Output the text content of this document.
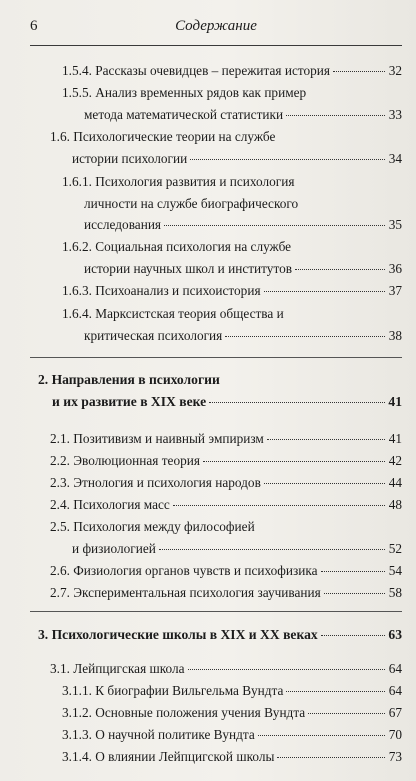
6	Содержание
1.5.4. Рассказы очевидцев – пережитая история	32
1.5.5. Анализ временных рядов как пример
метода математической статистики	33
1.6. Психологические теории на службе
истории психологии	34
1.6.1. Психология развития и психология
личности на службе биографического
исследования	35
1.6.2. Социальная психология на службе
истории научных школ и институтов	36
1.6.3. Психоанализ и психоистория	37
1.6.4. Марксистская теория общества и
критическая психология	38
2. Направления в психологии
и их развитие в XIX веке	41
2.1. Позитивизм и наивный эмпиризм	41
2.2. Эволюционная теория	42
2.3. Этнология и психология народов	44
2.4. Психология масс	48
2.5. Психология между философией
и физиологией	52
2.6. Физиология органов чувств и психофизика	54
2.7. Экспериментальная психология заучивания	58
3. Психологические школы в XIX и XX веках	63
3.1. Лейпцигская школа	64
3.1.1. К биографии Вильгельма Вундта	64
3.1.2. Основные положения учения Вундта	67
3.1.3. О научной политике Вундта	70
3.1.4. О влиянии Лейпцигской школы	73
